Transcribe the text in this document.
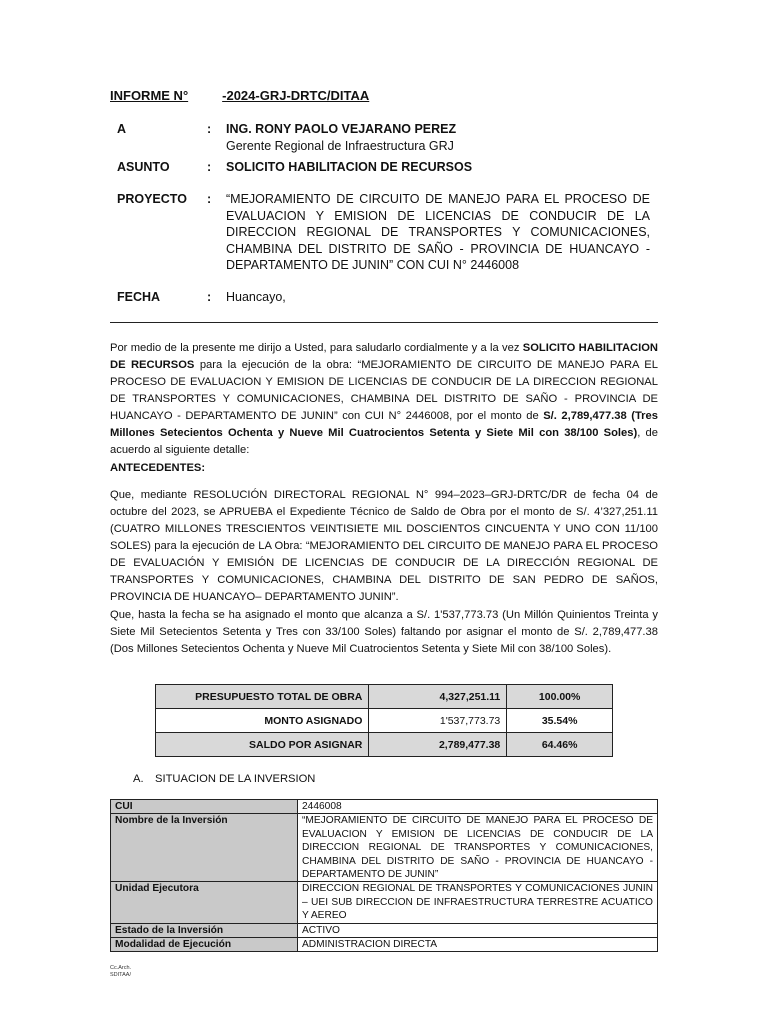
INFORME N°	-2024-GRJ-DRTC/DITAA
A	: ING. RONY PAOLO VEJARANO PEREZ
Gerente Regional de Infraestructura GRJ
ASUNTO	: SOLICITO HABILITACION DE RECURSOS
PROYECTO	: “MEJORAMIENTO DE CIRCUITO DE MANEJO PARA EL PROCESO DE EVALUACION Y EMISION DE LICENCIAS DE CONDUCIR DE LA DIRECCION REGIONAL DE TRANSPORTES Y COMUNICACIONES, CHAMBINA DEL DISTRITO DE SAÑO - PROVINCIA DE HUANCAYO - DEPARTAMENTO DE JUNIN” CON CUI N° 2446008
FECHA	: Huancayo,
Por medio de la presente me dirijo a Usted, para saludarlo cordialmente y a la vez SOLICITO HABILITACION DE RECURSOS para la ejecución de la obra: “MEJORAMIENTO DE CIRCUITO DE MANEJO PARA EL PROCESO DE EVALUACION Y EMISION DE LICENCIAS DE CONDUCIR DE LA DIRECCION REGIONAL DE TRANSPORTES Y COMUNICACIONES, CHAMBINA DEL DISTRITO DE SAÑO - PROVINCIA DE HUANCAYO - DEPARTAMENTO DE JUNIN” con CUI N° 2446008, por el monto de S/. 2,789,477.38 (Tres Millones Setecientos Ochenta y Nueve Mil Cuatrocientos Setenta y Siete Mil con 38/100 Soles), de acuerdo al siguiente detalle:
ANTECEDENTES:
Que, mediante RESOLUCIÓN DIRECTORAL REGIONAL N° 994–2023–GRJ-DRTC/DR de fecha 04 de octubre del 2023, se APRUEBA el Expediente Técnico de Saldo de Obra por el monto de S/. 4’327,251.11 (CUATRO MILLONES TRESCIENTOS VEINTISIETE MIL DOSCIENTOS CINCUENTA Y UNO CON 11/100 SOLES) para la ejecución de LA Obra: “MEJORAMIENTO DEL CIRCUITO DE MANEJO PARA EL PROCESO DE EVALUACIÓN Y EMISIÓN DE LICENCIAS DE CONDUCIR DE LA DIRECCIÓN REGIONAL DE TRANSPORTES Y COMUNICACIONES, CHAMBINA DEL DISTRITO DE SAN PEDRO DE SAÑOS, PROVINCIA DE HUANCAYO– DEPARTAMENTO JUNIN”.
Que, hasta la fecha se ha asignado el monto que alcanza a S/. 1'537,773.73 (Un Millón Quinientos Treinta y Siete Mil Setecientos Setenta y Tres con 33/100 Soles) faltando por asignar el monto de S/. 2,789,477.38 (Dos Millones Setecientos Ochenta y Nueve Mil Cuatrocientos Setenta y Siete Mil con 38/100 Soles).
PRESUPUESTO TOTAL DE OBRA	4,327,251.11	100.00%
MONTO ASIGNADO	1'537,773.73	35.54%
SALDO POR ASIGNAR	2,789,477.38	64.46%
A. SITUACION DE LA INVERSION
CUI	2446008
Nombre de la Inversión	“MEJORAMIENTO DE CIRCUITO DE MANEJO PARA EL PROCESO DE EVALUACION Y EMISION DE LICENCIAS DE CONDUCIR DE LA DIRECCION REGIONAL DE TRANSPORTES Y COMUNICACIONES, CHAMBINA DEL DISTRITO DE SAÑO - PROVINCIA DE HUANCAYO - DEPARTAMENTO DE JUNIN”
Unidad Ejecutora	DIRECCION REGIONAL DE TRANSPORTES Y COMUNICACIONES JUNIN – UEI SUB DIRECCION DE INFRAESTRUCTURA TERRESTRE ACUATICO Y AEREO
Estado de la Inversión	ACTIVO
Modalidad de Ejecución	ADMINISTRACION DIRECTA
Cc.Arch.
SDITAA/
